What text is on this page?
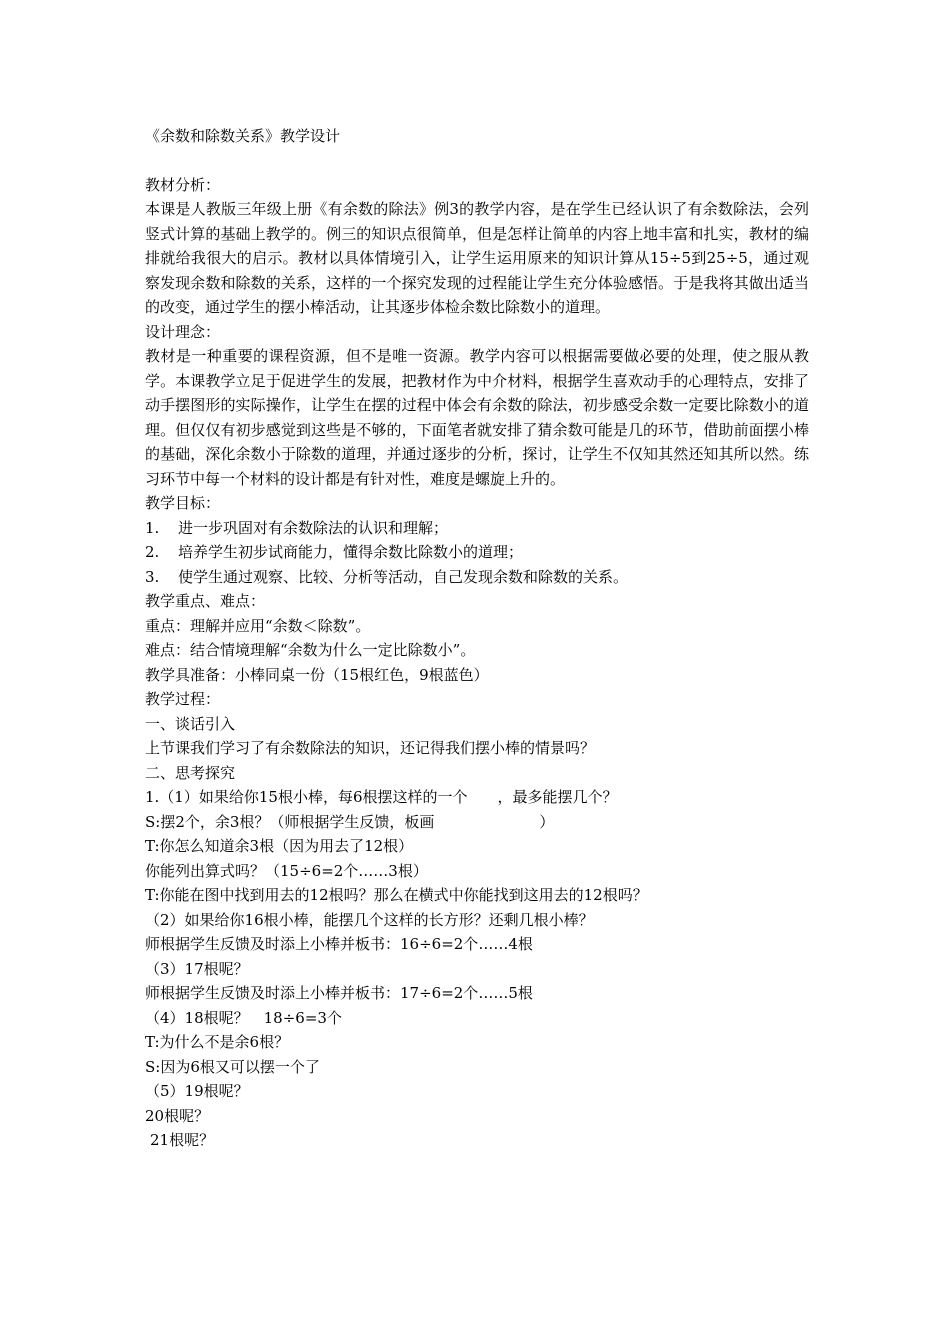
《余数和除数关系》教学设计
教材分析：
本课是人教版三年级上册《有余数的除法》例3的教学内容，是在学生已经认识了有余数除法，会列竖式计算的基础上教学的。例三的知识点很简单，但是怎样让简单的内容上地丰富和扎实，教材的编排就给我很大的启示。教材以具体情境引入，让学生运用原来的知识计算从15÷5到25÷5，通过观察发现余数和除数的关系，这样的一个探究发现的过程能让学生充分体验感悟。于是我将其做出适当的改变，通过学生的摆小棒活动，让其逐步体检余数比除数小的道理。
设计理念：
教材是一种重要的课程资源，但不是唯一资源。教学内容可以根据需要做必要的处理，使之服从教学。本课教学立足于促进学生的发展，把教材作为中介材料，根据学生喜欢动手的心理特点，安排了动手摆图形的实际操作，让学生在摆的过程中体会有余数的除法，初步感受余数一定要比除数小的道理。但仅仅有初步感觉到这些是不够的，下面笔者就安排了猜余数可能是几的环节，借助前面摆小棒的基础，深化余数小于除数的道理，并通过逐步的分析，探讨，让学生不仅知其然还知其所以然。练习环节中每一个材料的设计都是有针对性，难度是螺旋上升的。
教学目标：
1. 进一步巩固对有余数除法的认识和理解；
2. 培养学生初步试商能力，懂得余数比除数小的道理；
3. 使学生通过观察、比较、分析等活动，自己发现余数和除数的关系。
教学重点、难点：
重点：理解并应用“余数＜除数”。
难点：结合情境理解“余数为什么一定比除数小”。
教学具准备：小棒同桌一份（15根红色，9根蓝色）
教学过程：
一、谈话引入
上节课我们学习了有余数除法的知识，还记得我们摆小棒的情景吗？
二、思考探究
1.（1）如果给你15根小棒，每6根摆这样的一个　　，最多能摆几个？
S:摆2个，余3根？（师根据学生反馈，板画　　　　　　　）
T:你怎么知道余3根（因为用去了12根）
你能列出算式吗？（15÷6=2个……3根）
T:你能在图中找到用去的12根吗？那么在横式中你能找到这用去的12根吗？
（2）如果给你16根小棒，能摆几个这样的长方形？还剩几根小棒？
师根据学生反馈及时添上小棒并板书：16÷6=2个……4根
（3）17根呢？
师根据学生反馈及时添上小棒并板书：17÷6=2个……5根
（4）18根呢？　18÷6=3个
T:为什么不是余6根？
S:因为6根又可以摆一个了
（5）19根呢？
20根呢？
21根呢？
